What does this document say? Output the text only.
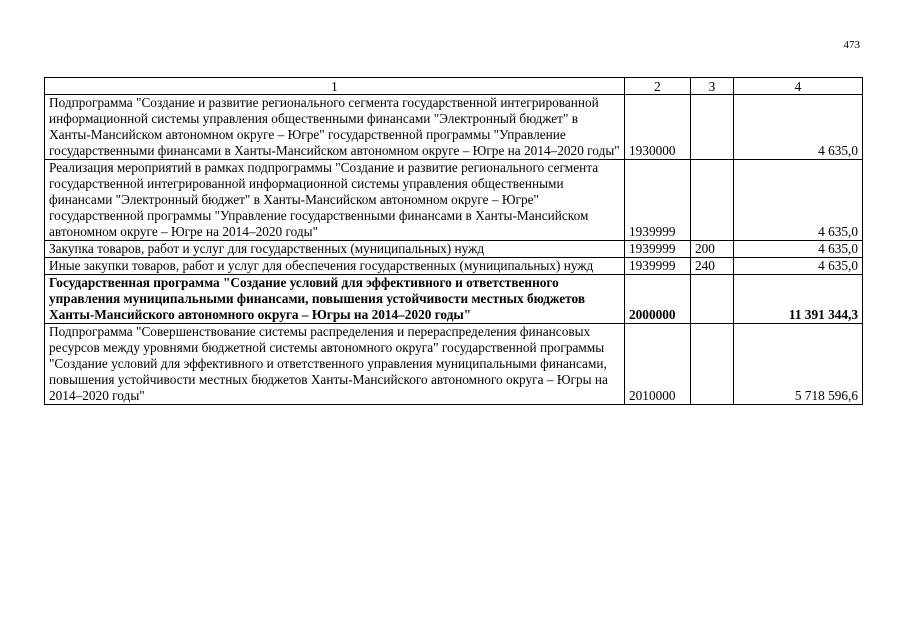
473
1	2	3	4
Подпрограмма "Создание и развитие регионального сегмента государственной интегрированной информационной системы управления общественными финансами "Электронный бюджет" в Ханты-Мансийском автономном округе – Югре" государственной программы "Управление государственными финансами в Ханты-Мансийском автономном округе – Югре на 2014–2020 годы"	1930000		4 635,0
Реализация мероприятий в рамках подпрограммы "Создание и развитие регионального сегмента государственной интегрированной информационной системы управления общественными финансами "Электронный бюджет" в Ханты-Мансийском автономном округе – Югре" государственной программы "Управление государственными финансами в Ханты-Мансийском автономном округе – Югре на 2014–2020 годы"	1939999		4 635,0
Закупка товаров, работ и услуг для государственных (муниципальных) нужд	1939999	200	4 635,0
Иные закупки товаров, работ и услуг для обеспечения государственных (муниципальных) нужд	1939999	240	4 635,0
Государственная программа "Создание условий для эффективного и ответственного управления муниципальными финансами, повышения устойчивости местных бюджетов Ханты-Мансийского автономного округа – Югры на 2014–2020 годы"	2000000		11 391 344,3
Подпрограмма "Совершенствование системы распределения и перераспределения финансовых ресурсов между уровнями бюджетной системы автономного округа" государственной программы "Создание условий для эффективного и ответственного управления муниципальными финансами, повышения устойчивости местных бюджетов Ханты-Мансийского автономного округа – Югры на 2014–2020 годы"	2010000		5 718 596,6
